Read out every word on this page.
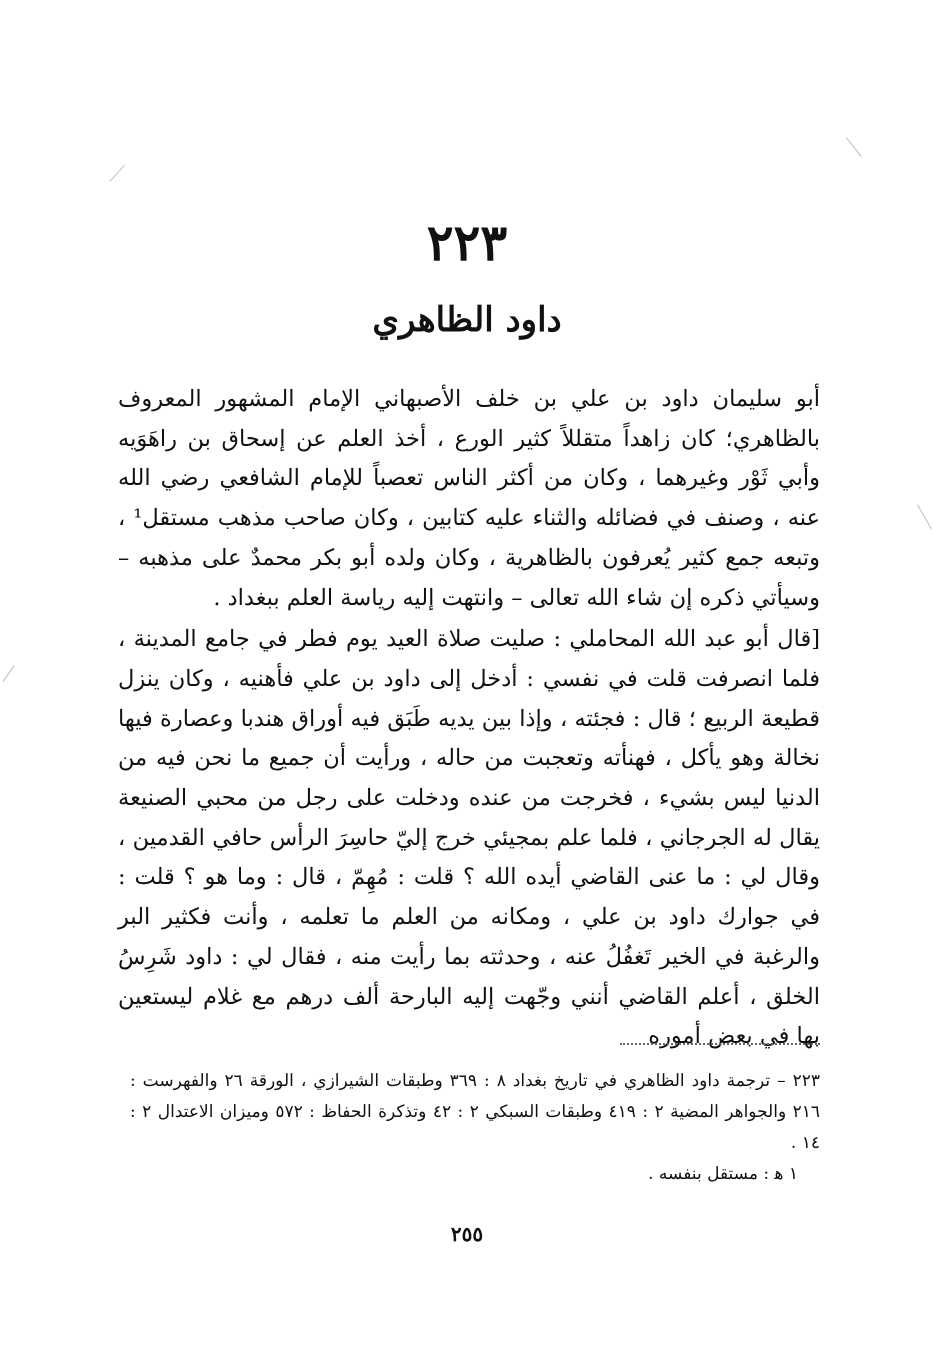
٢٢٣
داود الظاهري

أبو سليمان داود بن علي بن خلف الأصبهاني الإمام المشهور المعروف بالظاهري؛ كان زاهداً متقللاً كثير الورع ، أخذ العلم عن إسحاق بن راهَوَيه وأبي ثَوْر وغيرهما ، وكان من أكثر الناس تعصباً للإمام الشافعي رضي الله عنه ، وصنف في فضائله والثناء عليه كتابين ، وكان صاحب مذهب مستقل¹ ، وتبعه جمع كثير يُعرفون بالظاهرية ، وكان ولده أبو بكر محمدٌ على مذهبه – وسيأتي ذكره إن شاء الله تعالى – وانتهت إليه رياسة العلم ببغداد .

[قال أبو عبد الله المحاملي : صليت صلاة العيد يوم فطر في جامع المدينة ، فلما انصرفت قلت في نفسي : أدخل إلى داود بن علي فأهنيه ، وكان ينزل قطيعة الربيع ؛ قال : فجئته ، وإذا بين يديه طَبَق فيه أوراق هندبا وعصارة فيها نخالة وهو يأكل ، فهنأته وتعجبت من حاله ، ورأيت أن جميع ما نحن فيه من الدنيا ليس بشيء ، فخرجت من عنده ودخلت على رجل من محبي الصنيعة يقال له الجرجاني ، فلما علم بمجيئي خرج إليّ حاسِرَ الرأس حافي القدمين ، وقال لي : ما عنى القاضي أيده الله ؟ قلت : مُهِمّ ، قال : وما هو ؟ قلت : في جوارك داود بن علي ، ومكانه من العلم ما تعلمه ، وأنت فكثير البر والرغبة في الخير تَغفُلُ عنه ، وحدثته بما رأيت منه ، فقال لي : داود شَرِسُ الخلق ، أعلم القاضي أنني وجّهت إليه البارحة ألف درهم مع غلام ليستعين بها في بعض أموره

٢٢٣ – ترجمة داود الظاهري في تاريخ بغداد ٨ : ٣٦٩ وطبقات الشيرازي ، الورقة ٢٦ والفهرست : ٢١٦ والجواهر المضية ٢ : ٤١٩ وطبقات السبكي ٢ : ٤٢ وتذكرة الحفاظ : ٥٧٢ وميزان الاعتدال ٢ : ١٤ .

١ ﻫ : مستقل بنفسه .

٢٥٥
